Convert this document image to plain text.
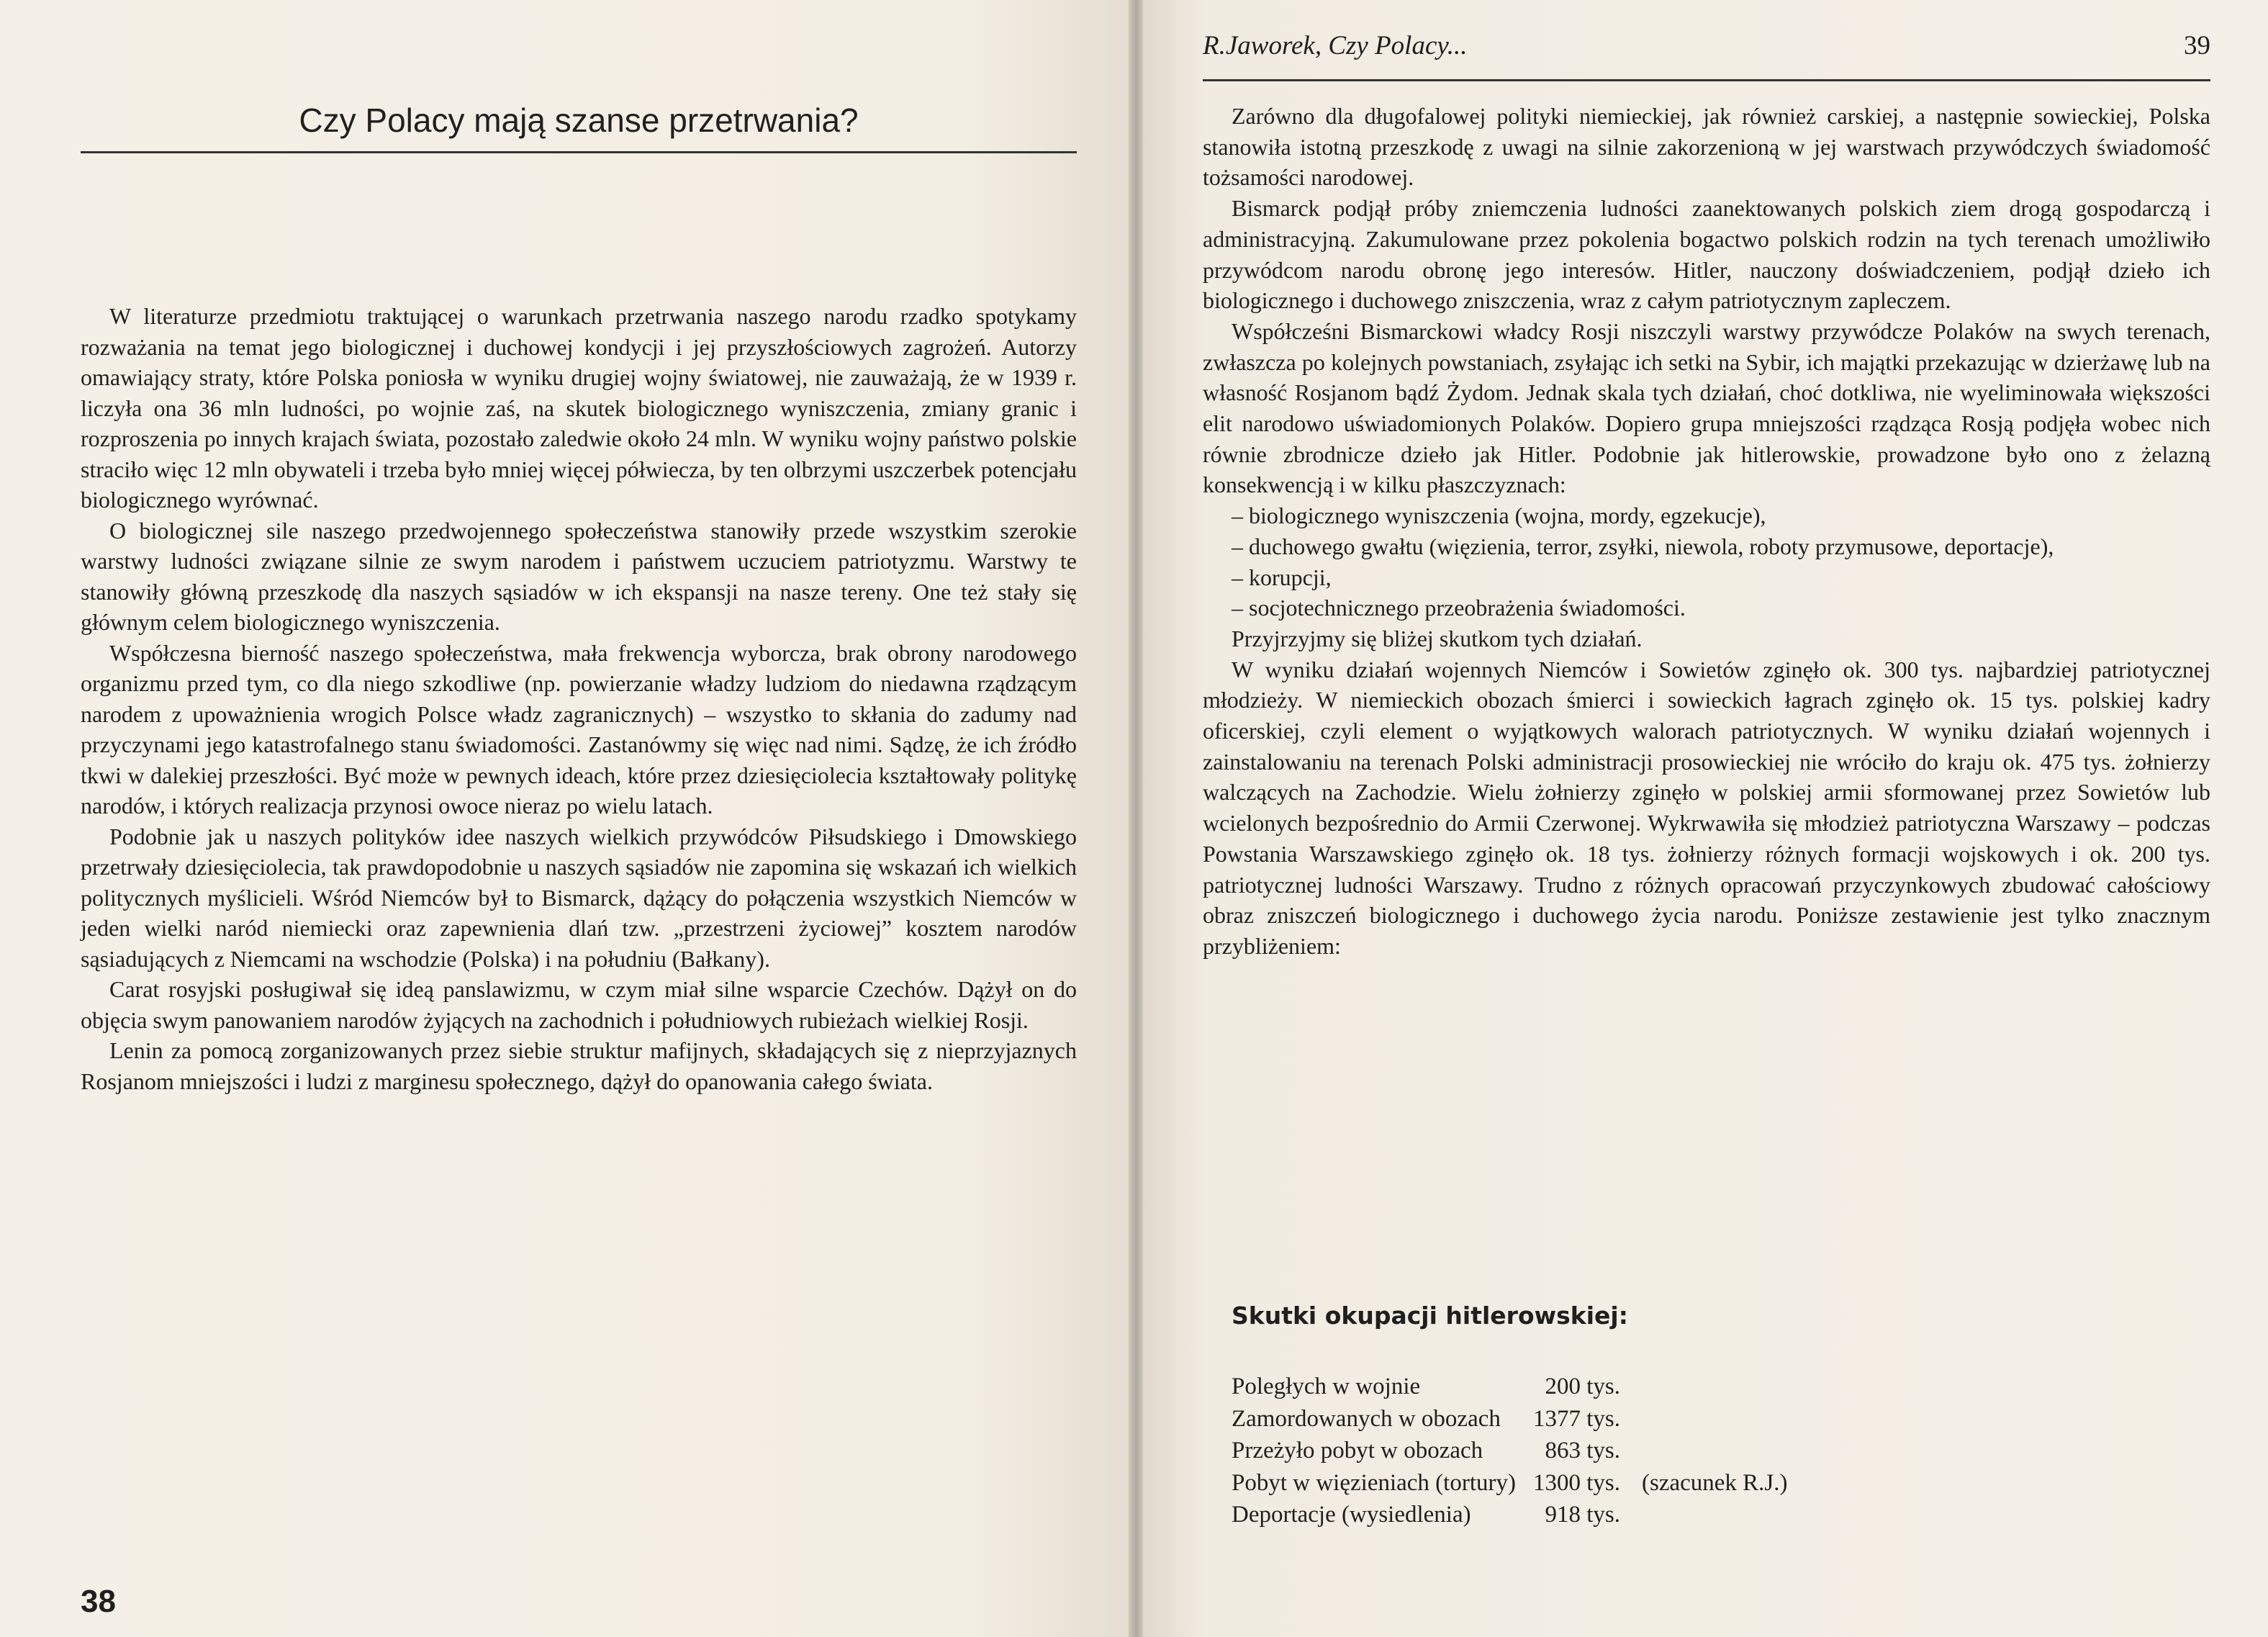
Czy Polacy mają szanse przetrwania?

W literaturze przedmiotu traktującej o warunkach przetrwania naszego narodu rzadko spotykamy rozważania na temat jego biologicznej i duchowej kondycji i jej przyszłościowych zagrożeń. Autorzy omawiający straty, które Polska poniosła w wyniku drugiej wojny światowej, nie zauważają, że w 1939 r. liczyła ona 36 mln ludności, po wojnie zaś, na skutek biologicznego wyniszczenia, zmiany granic i rozproszenia po innych krajach świata, pozostało zaledwie około 24 mln. W wyniku wojny państwo polskie straciło więc 12 mln obywateli i trzeba było mniej więcej półwiecza, by ten olbrzymi uszczerbek potencjału biologicznego wyrównać.

O biologicznej sile naszego przedwojennego społeczeństwa stanowiły przede wszystkim szerokie warstwy ludności związane silnie ze swym narodem i państwem uczuciem patriotyzmu. Warstwy te stanowiły główną przeszkodę dla naszych sąsiadów w ich ekspansji na nasze tereny. One też stały się głównym celem biologicznego wyniszczenia.

Współczesna bierność naszego społeczeństwa, mała frekwencja wyborcza, brak obrony narodowego organizmu przed tym, co dla niego szkodliwe (np. powierzanie władzy ludziom do niedawna rządzącym narodem z upoważnienia wrogich Polsce władz zagranicznych) – wszystko to skłania do zadumy nad przyczynami jego katastrofalnego stanu świadomości. Zastanówmy się więc nad nimi. Sądzę, że ich źródło tkwi w dalekiej przeszłości. Być może w pewnych ideach, które przez dziesięciolecia kształtowały politykę narodów, i których realizacja przynosi owoce nieraz po wielu latach.

Podobnie jak u naszych polityków idee naszych wielkich przywódców Piłsudskiego i Dmowskiego przetrwały dziesięciolecia, tak prawdopodobnie u naszych sąsiadów nie zapomina się wskazań ich wielkich politycznych myślicieli. Wśród Niemców był to Bismarck, dążący do połączenia wszystkich Niemców w jeden wielki naród niemiecki oraz zapewnienia dlań tzw. „przestrzeni życiowej” kosztem narodów sąsiadujących z Niemcami na wschodzie (Polska) i na południu (Bałkany).

Carat rosyjski posługiwał się ideą panslawizmu, w czym miał silne wsparcie Czechów. Dążył on do objęcia swym panowaniem narodów żyjących na zachodnich i południowych rubieżach wielkiej Rosji.

Lenin za pomocą zorganizowanych przez siebie struktur mafijnych, składających się z nieprzyjaznych Rosjanom mniejszości i ludzi z marginesu społecznego, dążył do opanowania całego świata.

38
R.Jaworek, Czy Polacy...	39

Zarówno dla długofalowej polityki niemieckiej, jak również carskiej, a następnie sowieckiej, Polska stanowiła istotną przeszkodę z uwagi na silnie zakorzenioną w jej warstwach przywódczych świadomość tożsamości narodowej.

Bismarck podjął próby zniemczenia ludności zaanektowanych polskich ziem drogą gospodarczą i administracyjną. Zakumulowane przez pokolenia bogactwo polskich rodzin na tych terenach umożliwiło przywódcom narodu obronę jego interesów. Hitler, nauczony doświadczeniem, podjął dzieło ich biologicznego i duchowego zniszczenia, wraz z całym patriotycznym zapleczem.

Współcześni Bismarckowi władcy Rosji niszczyli warstwy przywódcze Polaków na swych terenach, zwłaszcza po kolejnych powstaniach, zsyłając ich setki na Sybir, ich majątki przekazując w dzierżawę lub na własność Rosjanom bądź Żydom. Jednak skala tych działań, choć dotkliwa, nie wyeliminowała większości elit narodowo uświadomionych Polaków. Dopiero grupa mniejszości rządząca Rosją podjęła wobec nich równie zbrodnicze dzieło jak Hitler. Podobnie jak hitlerowskie, prowadzone było ono z żelazną konsekwencją i w kilku płaszczyznach:

– biologicznego wyniszczenia (wojna, mordy, egzekucje),

– duchowego gwałtu (więzienia, terror, zsyłki, niewola, roboty przymusowe, deportacje),

– korupcji,

– socjotechnicznego przeobrażenia świadomości.

Przyjrzyjmy się bliżej skutkom tych działań.

W wyniku działań wojennych Niemców i Sowietów zginęło ok. 300 tys. najbardziej patriotycznej młodzieży. W niemieckich obozach śmierci i sowieckich łagrach zginęło ok. 15 tys. polskiej kadry oficerskiej, czyli element o wyjątkowych walorach patriotycznych. W wyniku działań wojennych i zainstalowaniu na terenach Polski administracji prosowieckiej nie wróciło do kraju ok. 475 tys. żołnierzy walczących na Zachodzie. Wielu żołnierzy zginęło w polskiej armii sformowanej przez Sowietów lub wcielonych bezpośrednio do Armii Czerwonej. Wykrwawiła się młodzież patriotyczna Warszawy – podczas Powstania Warszawskiego zginęło ok. 18 tys. żołnierzy różnych formacji wojskowych i ok. 200 tys. patriotycznej ludności Warszawy. Trudno z różnych opracowań przyczynkowych zbudować całościowy obraz zniszczeń biologicznego i duchowego życia narodu. Poniższe zestawienie jest tylko znacznym przybliżeniem:

Skutki okupacji hitlerowskiej:
Poległych w wojnie	200 tys.
Zamordowanych w obozach 1377 tys.
Przeżyło pobyt w obozach	863 tys.
Pobyt w więzieniach (tortury) 1300 tys. (szacunek R.J.)
Deportacje (wysiedlenia)	918 tys.
